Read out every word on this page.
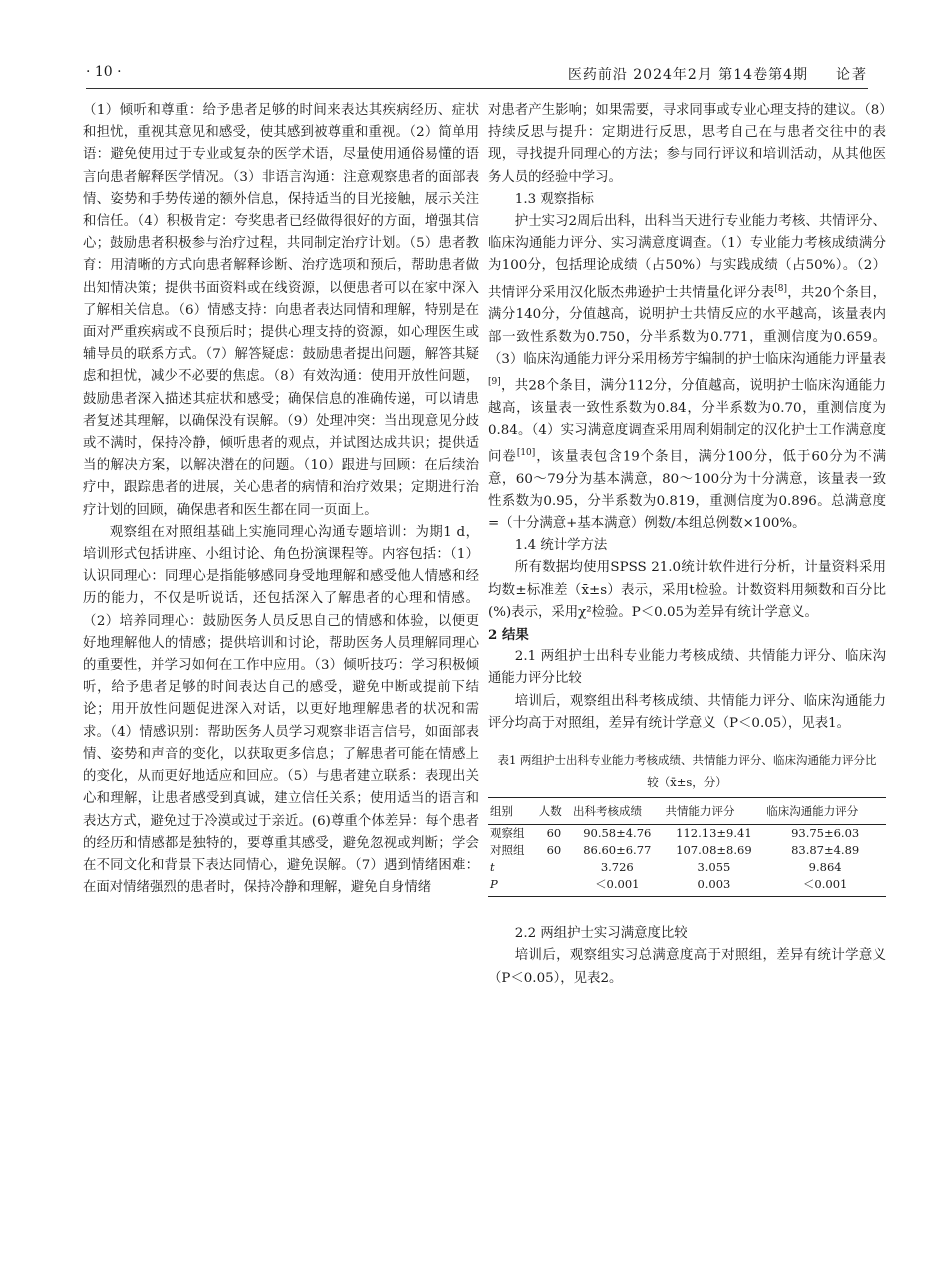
· 10 ·	医药前沿 2024年2月 第14卷第4期 论著

（1）倾听和尊重：给予患者足够的时间来表达其疾病经历、症状和担忧，重视其意见和感受，使其感到被尊重和重视。（2）简单用语：避免使用过于专业或复杂的医学术语，尽量使用通俗易懂的语言向患者解释医学情况。（3）非语言沟通：注意观察患者的面部表情、姿势和手势传递的额外信息，保持适当的目光接触，展示关注和信任。（4）积极肯定：夸奖患者已经做得很好的方面，增强其信心；鼓励患者积极参与治疗过程，共同制定治疗计划。（5）患者教育：用清晰的方式向患者解释诊断、治疗选项和预后，帮助患者做出知情决策；提供书面资料或在线资源，以便患者可以在家中深入了解相关信息。（6）情感支持：向患者表达同情和理解，特别是在面对严重疾病或不良预后时；提供心理支持的资源，如心理医生或辅导员的联系方式。（7）解答疑虑：鼓励患者提出问题，解答其疑虑和担忧，减少不必要的焦虑。（8）有效沟通：使用开放性问题，鼓励患者深入描述其症状和感受；确保信息的准确传递，可以请患者复述其理解，以确保没有误解。（9）处理冲突：当出现意见分歧或不满时，保持冷静，倾听患者的观点，并试图达成共识；提供适当的解决方案，以解决潜在的问题。（10）跟进与回顾：在后续治疗中，跟踪患者的进展，关心患者的病情和治疗效果；定期进行治疗计划的回顾，确保患者和医生都在同一页面上。

观察组在对照组基础上实施同理心沟通专题培训：为期1 d，培训形式包括讲座、小组讨论、角色扮演课程等。内容包括：（1）认识同理心：同理心是指能够感同身受地理解和感受他人情感和经历的能力，不仅是听说话，还包括深入了解患者的心理和情感。（2）培养同理心：鼓励医务人员反思自己的情感和体验，以便更好地理解他人的情感；提供培训和讨论，帮助医务人员理解同理心的重要性，并学习如何在工作中应用。（3）倾听技巧：学习积极倾听，给予患者足够的时间表达自己的感受，避免中断或提前下结论；用开放性问题促进深入对话，以更好地理解患者的状况和需求。（4）情感识别：帮助医务人员学习观察非语言信号，如面部表情、姿势和声音的变化，以获取更多信息；了解患者可能在情感上的变化，从而更好地适应和回应。（5）与患者建立联系：表现出关心和理解，让患者感受到真诚，建立信任关系；使用适当的语言和表达方式，避免过于冷漠或过于亲近。(6)尊重个体差异：每个患者的经历和情感都是独特的，要尊重其感受，避免忽视或判断；学会在不同文化和背景下表达同情心，避免误解。（7）遇到情绪困难：在面对情绪强烈的患者时，保持冷静和理解，避免自身情绪

对患者产生影响；如果需要，寻求同事或专业心理支持的建议。（8）持续反思与提升：定期进行反思，思考自己在与患者交往中的表现，寻找提升同理心的方法；参与同行评议和培训活动，从其他医务人员的经验中学习。

1.3 观察指标

护士实习2周后出科，出科当天进行专业能力考核、共情评分、临床沟通能力评分、实习满意度调查。（1）专业能力考核成绩满分为100分，包括理论成绩（占50%）与实践成绩（占50%）。（2）共情评分采用汉化版杰弗逊护士共情量化评分表[8]，共20个条目，满分140分，分值越高，说明护士共情反应的水平越高，该量表内部一致性系数为0.750，分半系数为0.771，重测信度为0.659。（3）临床沟通能力评分采用杨芳宇编制的护士临床沟通能力评量表[9]，共28个条目，满分112分，分值越高，说明护士临床沟通能力越高，该量表一致性系数为0.84，分半系数为0.70，重测信度为0.84。（4）实习满意度调查采用周利娟制定的汉化护士工作满意度问卷[10]，该量表包含19个条目，满分100分，低于60分为不满意，60～79分为基本满意，80～100分为十分满意，该量表一致性系数为0.95，分半系数为0.819，重测信度为0.896。总满意度=（十分满意+基本满意）例数/本组总例数×100%。

1.4 统计学方法

所有数据均使用SPSS 21.0统计软件进行分析，计量资料采用均数±标准差（x̄±s）表示，采用t检验。计数资料用频数和百分比(%)表示，采用χ²检验。P＜0.05为差异有统计学意义。

2 结果

2.1 两组护士出科专业能力考核成绩、共情能力评分、临床沟通能力评分比较

培训后，观察组出科考核成绩、共情能力评分、临床沟通能力评分均高于对照组，差异有统计学意义（P＜0.05），见表1。

表1 两组护士出科专业能力考核成绩、共情能力评分、临床沟通能力评分比较（x̄±s，分）
组别	人数	出科考核成绩	共情能力评分	临床沟通能力评分
观察组	60	90.58±4.76	112.13±9.41	93.75±6.03
对照组	60	86.60±6.77	107.08±8.69	83.87±4.89
t		3.726	3.055	9.864
P		＜0.001	0.003	＜0.001

2.2 两组护士实习满意度比较

培训后，观察组实习总满意度高于对照组，差异有统计学意义（P＜0.05），见表2。
